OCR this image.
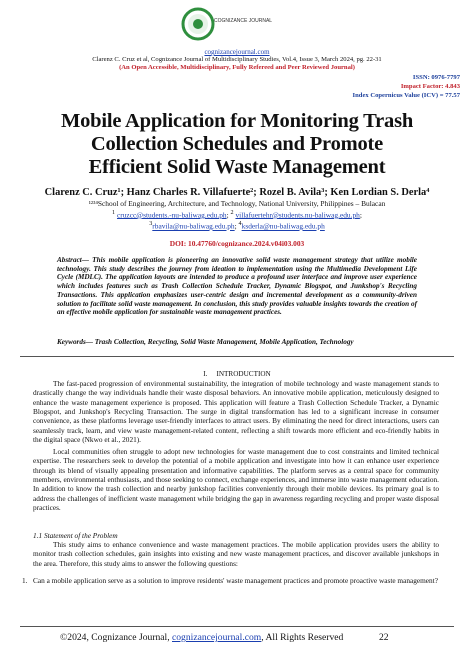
COGNIZANCE JOURNAL
cognizancejournal.com
Clarenz C. Cruz et al, Cognizance Journal of Multidisciplinary Studies, Vol.4, Issue 3, March 2024, pg. 22-31
(An Open Accessible, Multidisciplinary, Fully Refereed and Peer Reviewed Journal)
ISSN: 0976-7797
Impact Factor: 4.843
Index Copernicus Value (ICV) = 77.57
Mobile Application for Monitoring Trash
Collection Schedules and Promote
Efficient Solid Waste Management
Clarenz C. Cruz¹; Hanz Charles R. Villafuerte²; Rozel B. Avila³; Ken Lordian S. Derla⁴
¹²³⁴School of Engineering, Architecture, and Technology, National University, Philippines – Bulacan
$^1$ cruzcc@students.-nu-baliwag.edu.ph; $^2$ villafuertehr@students.nu-baliwag.edu.ph;
$^3$rbavila@nu-baliwag.edu.ph; $^4$ksderla@nu-baliwag.edu.ph
DOI: 10.47760/cognizance.2024.v04i03.003
Abstract— This mobile application is pioneering an innovative solid waste management strategy that utilize mobile technology. This study describes the journey from ideation to implementation using the Multimedia Development Life Cycle (MDLC). The application layouts are intended to produce a profound user interface and improve user experience which includes features such as Trash Collection Schedule Tracker, Dynamic Blogspot, and Junkshop's Recycling Transactions. This application emphasizes user-centric design and incremental development as a community-driven solution to facilitate solid waste management. In conclusion, this study provides valuable insights towards the creation of an effective mobile application for sustainable waste management practices.
Keywords— Trash Collection, Recycling, Solid Waste Management, Mobile Application, Technology
I. INTRODUCTION
The fast-paced progression of environmental sustainability, the integration of mobile technology and waste management stands to drastically change the way individuals handle their waste disposal behaviors. An innovative mobile application, meticulously designed to enhance the waste management experience is proposed. This application will feature a Trash Collection Schedule Tracker, a Dynamic Blogspot, and Junkshop's Recycling Transaction. The surge in digital transformation has led to a significant increase in consumer convenience, as these platforms leverage user-friendly interfaces to attract users. By eliminating the need for direct interactions, users can seamlessly track, learn, and view waste management-related content, reflecting a shift towards more efficient and eco-friendly habits in the digital space (Nkwo et al., 2021).
Local communities often struggle to adopt new technologies for waste management due to cost constraints and limited technical expertise. The researchers seek to develop the potential of a mobile application and investigate into how it can enhance user experience through its blend of visually appealing presentation and informative capabilities. The platform serves as a central space for community members, environmental enthusiasts, and those seeking to connect, exchange experiences, and immerse into waste management education. In addition to know the trash collection and nearby junkshop facilities conveniently through their mobile devices. Its primary goal is to address the challenges of inefficient waste management while bridging the gap in awareness regarding recycling and proper waste disposal practices.
1.1 Statement of the Problem
This study aims to enhance convenience and waste management practices. The mobile application provides users the ability to monitor trash collection schedules, gain insights into existing and new waste management practices, and discover available junkshops in the area. Therefore, this study aims to answer the following questions:
1. Can a mobile application serve as a solution to improve residents' waste management practices and promote proactive waste management?
©2024, Cognizance Journal, cognizancejournal.com, All Rights Reserved	22
